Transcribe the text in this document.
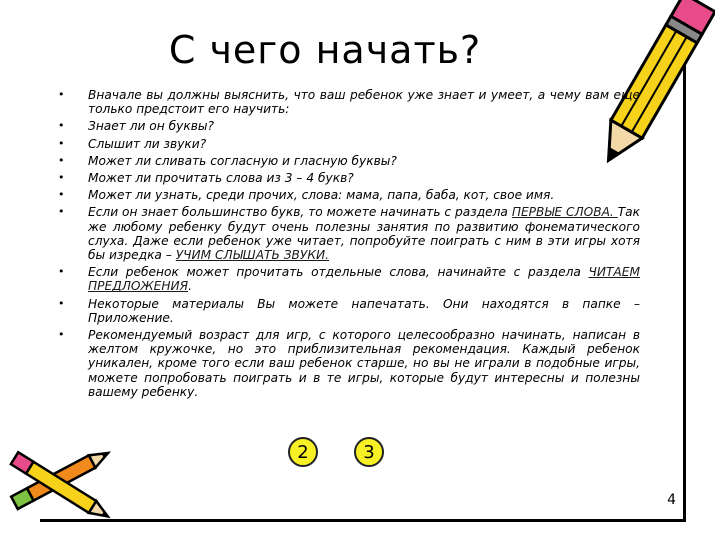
С чего начать?
• Вначале вы должны выяснить, что ваш ребенок уже знает и умеет, а чему вам еще только предстоит его научить:
• Знает ли он буквы?
• Слышит ли звуки?
• Может ли сливать согласную и гласную буквы?
• Может ли прочитать слова из 3 – 4 букв?
• Может ли узнать, среди прочих, слова: мама, папа, баба, кот, свое имя.
• Если он знает большинство букв, то можете начинать с раздела ПЕРВЫЕ СЛОВА. Так же любому ребенку будут очень полезны занятия по развитию фонематического слуха. Даже если ребенок уже читает, попробуйте поиграть с ним в эти игры хотя бы изредка – УЧИМ СЛЫШАТЬ ЗВУКИ.
• Если ребенок может прочитать отдельные слова, начинайте с раздела ЧИТАЕМ ПРЕДЛОЖЕНИЯ.
• Некоторые материалы Вы можете напечатать. Они находятся в папке – Приложение.
• Рекомендуемый возраст для игр, с которого целесообразно начинать, написан в желтом кружочке, но это приблизительная рекомендация. Каждый ребенок уникален, кроме того если ваш ребенок старше, но вы не играли в подобные игры, можете попробовать поиграть и в те игры, которые будут интересны и полезны вашему ребенку.
2	3
4
